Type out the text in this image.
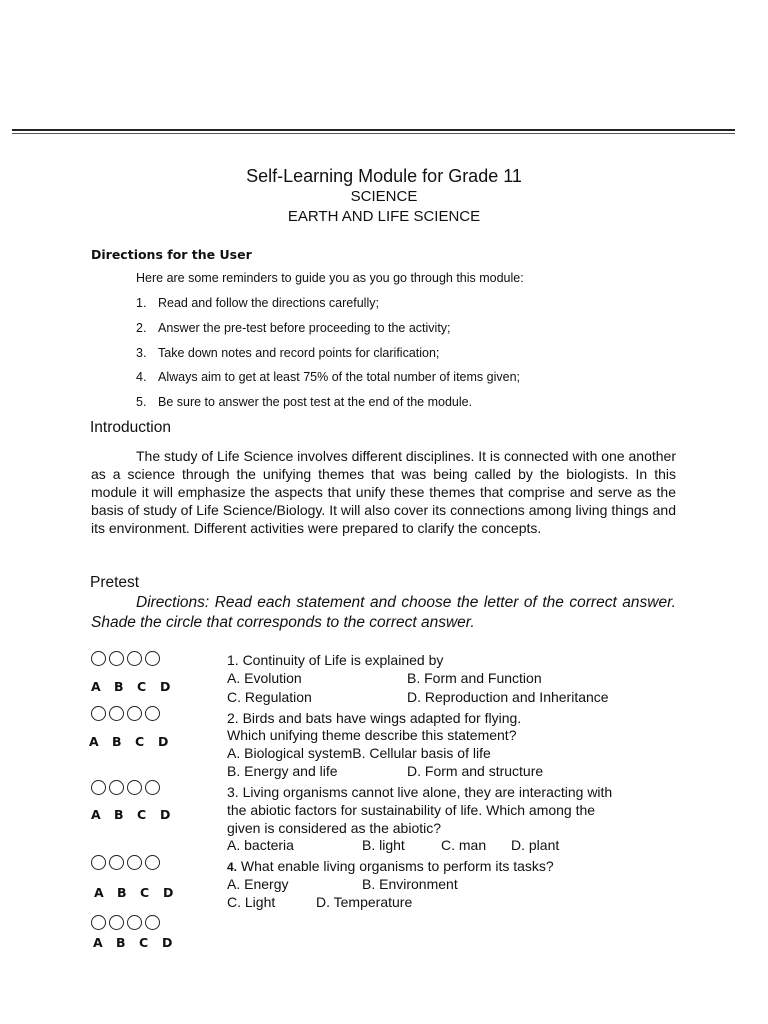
Self-Learning Module for Grade 11
SCIENCE
EARTH AND LIFE SCIENCE
Directions for the User
Here are some reminders to guide you as you go through this module:
1. Read and follow the directions carefully;
2. Answer the pre-test before proceeding to the activity;
3. Take down notes and record points for clarification;
4. Always aim to get at least 75% of the total number of items given;
5. Be sure to answer the post test at the end of the module.
Introduction
The study of Life Science involves different disciplines. It is connected with one another as a science through the unifying themes that was being called by the biologists. In this module it will emphasize the aspects that unify these themes that comprise and serve as the basis of study of Life Science/Biology. It will also cover its connections among living things and its environment. Different activities were prepared to clarify the concepts.
Pretest
Directions: Read each statement and choose the letter of the correct answer. Shade the circle that corresponds to the correct answer.
A B C D
A B C D
A B C D
A B C D
A B C D
1. Continuity of Life is explained by
A. Evolution	B. Form and Function
C. Regulation	D. Reproduction and Inheritance
2. Birds and bats have wings adapted for flying.
Which unifying theme describe this statement?
A. Biological systemB. Cellular basis of life
B. Energy and life	D. Form and structure
3. Living organisms cannot live alone, they are interacting with
the abiotic factors for sustainability of life. Which among the
given is considered as the abiotic?
A. bacteria	B. light	C. man D. plant
4. What enable living organisms to perform its tasks?
A. Energy	B. Environment
C. Light	D. Temperature
